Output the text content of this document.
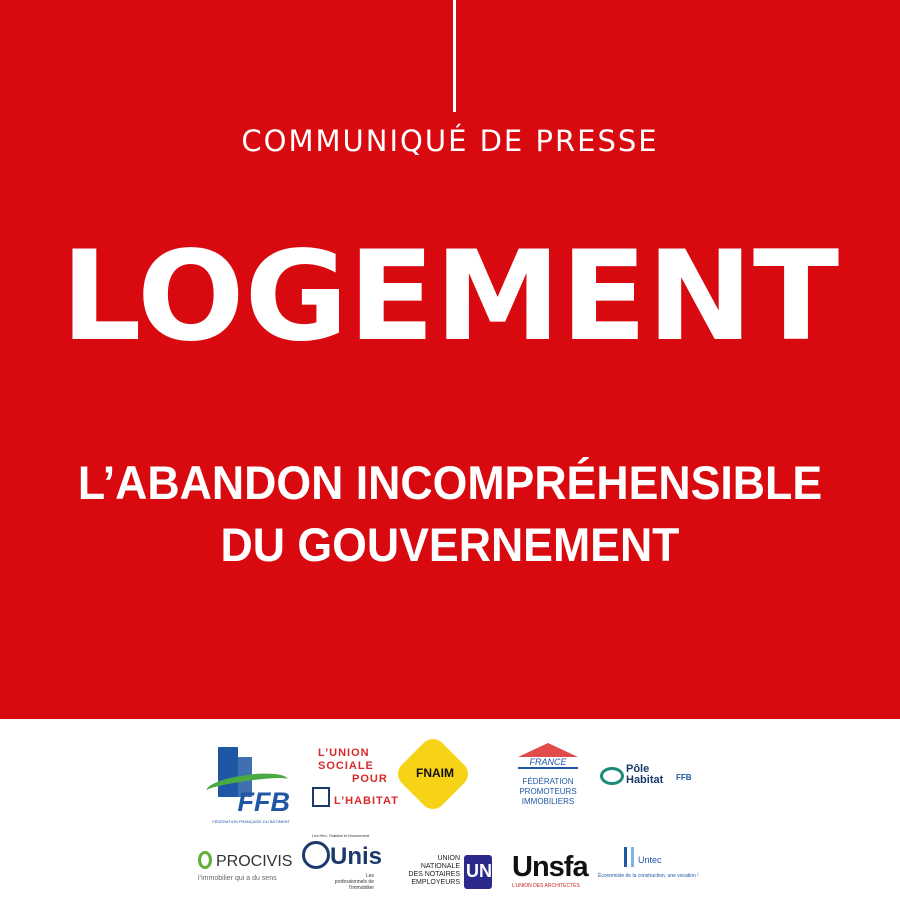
COMMUNIQUÉ DE PRESSE
LOGEMENT
L’ABANDON INCOMPRÉHENSIBLE
DU GOUVERNEMENT
FFB
FÉDÉRATION FRANÇAISE DU BÂTIMENT
L’UNION
SOCIALE
POUR
L’HABITAT
Les Hlm, l’habitat et Mouvement
FNAIM
FRANCE
FÉDÉRATION
PROMOTEURS
IMMOBILIERS
Pôle
Habitat FFB
PROCIVIS
l’immobilier qui a du sens
Unis
Les professionnels de l’immobilier
UNION NATIONALE DES NOTAIRES EMPLOYEURS
UNe Unsfa
L’UNION DES ARCHITECTES
Untec
Économiste de la construction, une vocation !
